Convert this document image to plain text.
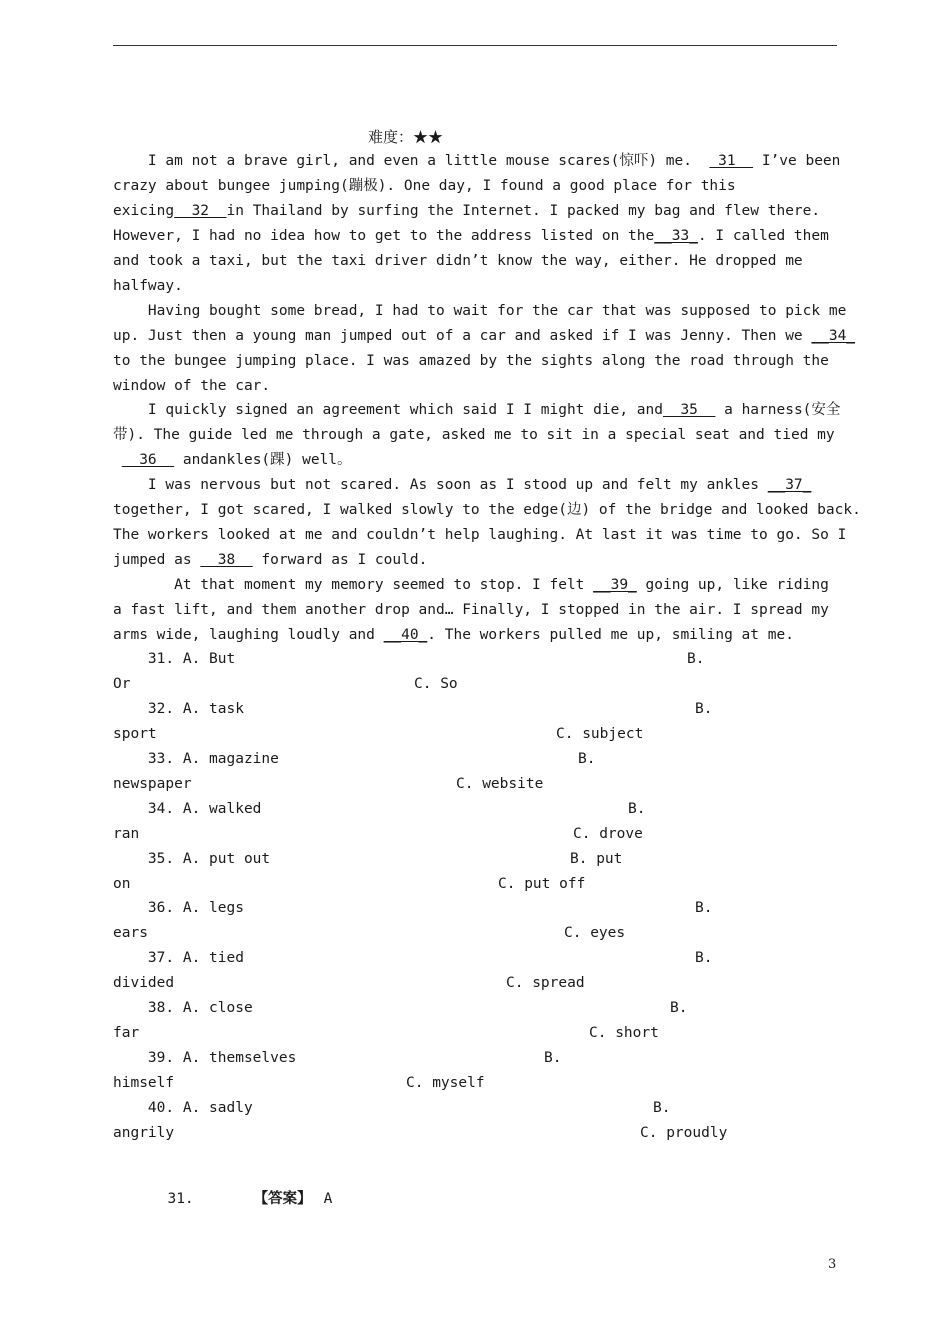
难度：★★
I am not a brave girl, and even a little mouse scares(惊吓) me.   31   I’ve been
crazy about bungee jumping(蹦极). One day, I found a good place for this
exicing  32  in Thailand by surfing the Internet. I packed my bag and flew there.
However, I had no idea how to get to the address listed on the__33_. I called them
and took a taxi, but the taxi driver didn’t know the way, either. He dropped me
halfway.
Having bought some bread, I had to wait for the car that was supposed to pick me
up. Just then a young man jumped out of a car and asked if I was Jenny. Then we __34_
to the bungee jumping place. I was amazed by the sights along the road through the
window of the car.
I quickly signed an agreement which said I I might die, and  35   a harness(安全
带). The guide led me through a gate, asked me to sit in a special seat and tied my
36   andankles(踝) well。
I was nervous but not scared. As soon as I stood up and felt my ankles __37_
together, I got scared, I walked slowly to the edge(边) of the bridge and looked back.
The workers looked at me and couldn’t help laughing. At last it was time to go. So I
jumped as   38   forward as I could.
At that moment my memory seemed to stop. I felt __39_ going up, like riding
a fast lift, and them another drop and… Finally, I stopped in the air. I spread my
arms wide, laughing loudly and __40_. The workers pulled me up, smiling at me.

31. A. But

	B.

Or

	C. So

32. A. task

	B.

sport

	C. subject

33. A. magazine

	B.

newspaper

	C. website

34. A. walked

	B.

ran

	C. drove

35. A. put out

	B. put

on

	C. put off

36. A. legs

	B.

ears

	C. eyes

37. A. tied

	B.

divided

	C. spread

38. A. close

	B.

far

	C. short

39. A. themselves

	B.

himself

	C. myself

40. A. sadly

	B.

angrily

	C. proudly

31.	【答案】 A

3
